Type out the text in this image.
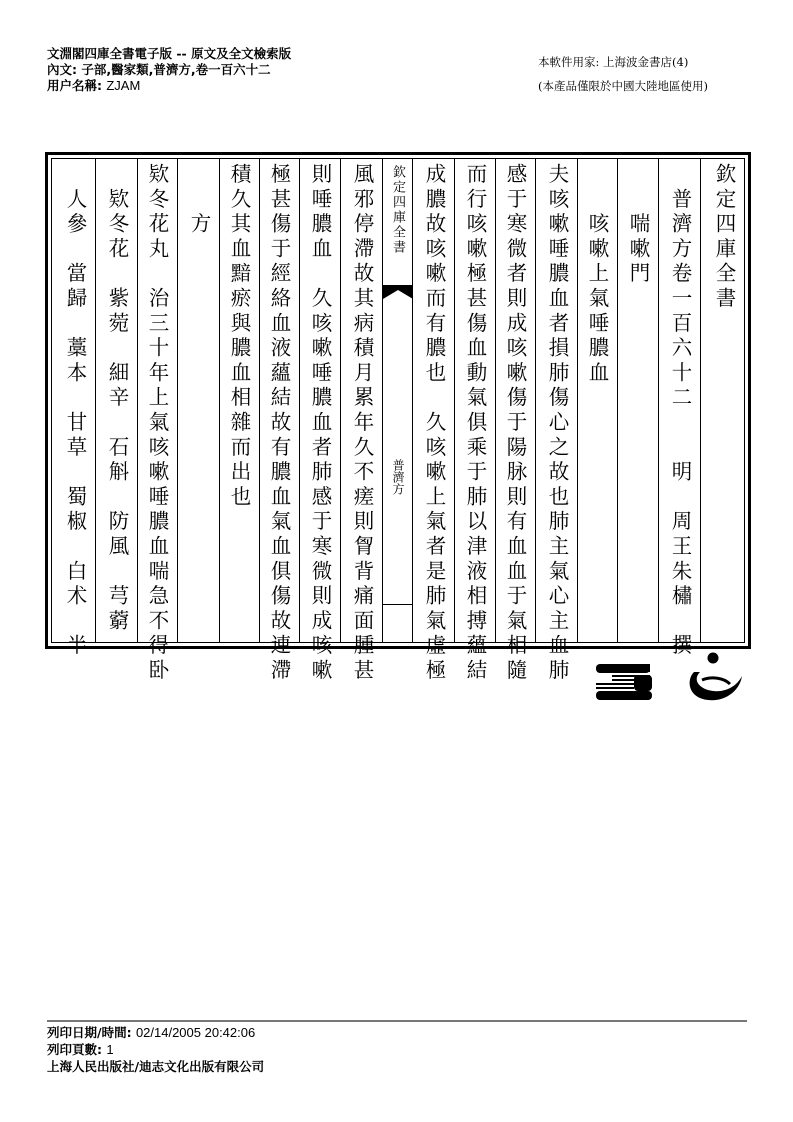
文淵閣四庫全書電子版 -- 原文及全文檢索版
內文: 子部,醫家類,普濟方,卷一百六十二
用户名稱: ZJAM
本軟件用家: 上海波金書店(4)
(本產品僅限於中國大陸地區使用)
　人參　當歸　藁本　甘草　蜀椒　白术　半 　欵冬花　紫菀　細辛　石斛　防風　芎藭 欵冬花丸　治三十年上氣咳嗽唾膿血喘急不得卧 　　方 積久其血黯瘀與膿血相雜而出也 極甚傷于經絡血液蘊結故有膿血氣血俱傷故連滯 則唾膿血　久咳嗽唾膿血者肺感于寒微則成咳嗽 風邪停滯故其病積月累年久不瘥則胷背痛面腫甚	欽定四庫全書
普濟方 成膿故咳嗽而有膿也　久咳嗽上氣者是肺氣虛極 而行咳嗽極甚傷血動氣俱乘于肺以津液相搏蘊結 感于寒微者則成咳嗽傷于陽脉則有血血于氣相隨 夫咳嗽唾膿血者損肺傷心之故也肺主氣心主血肺 　　咳嗽上氣唾膿血 　　喘嗽門 　普濟方卷一百六十二　　明　周王朱橚　撰 欽定四庫全書
列印日期/時間: 02/14/2005 20:42:06
列印頁數: 1
上海人民出版社/迪志文化出版有限公司
